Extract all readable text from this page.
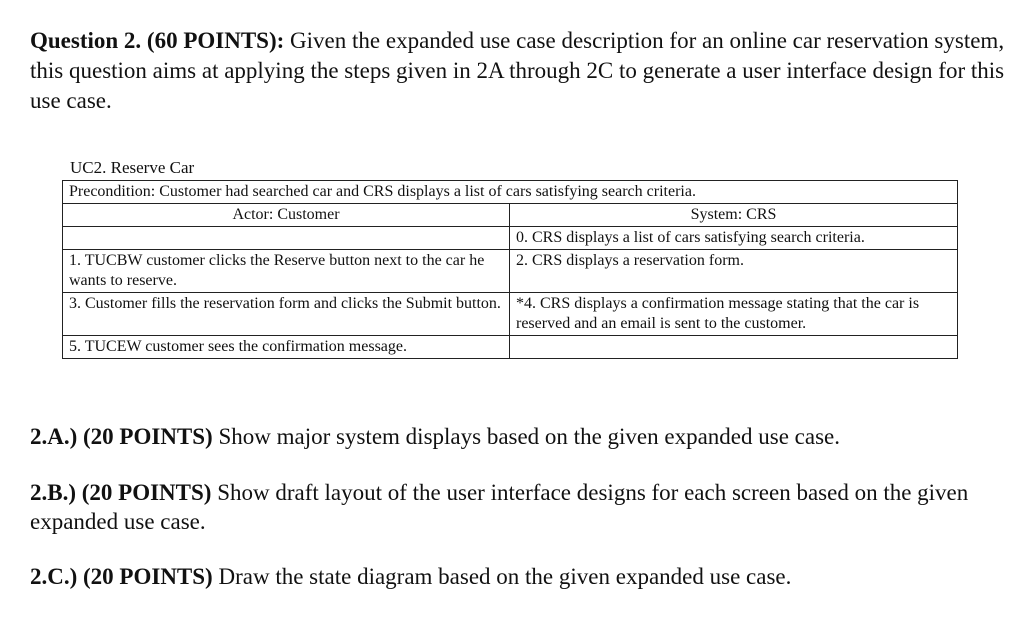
Question 2. (60 POINTS): Given the expanded use case description for an online car reservation system, this question aims at applying the steps given in 2A through 2C to generate a user interface design for this use case.

UC2. Reserve Car

Precondition: Customer had searched car and CRS displays a list of cars satisfying search criteria.	
Actor: Customer	System: CRS
	0. CRS displays a list of cars satisfying search criteria.
1. TUCBW customer clicks the Reserve button next to the car he wants to reserve.	2. CRS displays a reservation form.
3. Customer fills the reservation form and clicks the Submit button.	*4. CRS displays a confirmation message stating that the car is reserved and an email is sent to the customer.
5. TUCEW customer sees the confirmation message.	

2.A.) (20 POINTS) Show major system displays based on the given expanded use case.

2.B.) (20 POINTS) Show draft layout of the user interface designs for each screen based on the given expanded use case.

2.C.) (20 POINTS) Draw the state diagram based on the given expanded use case.
